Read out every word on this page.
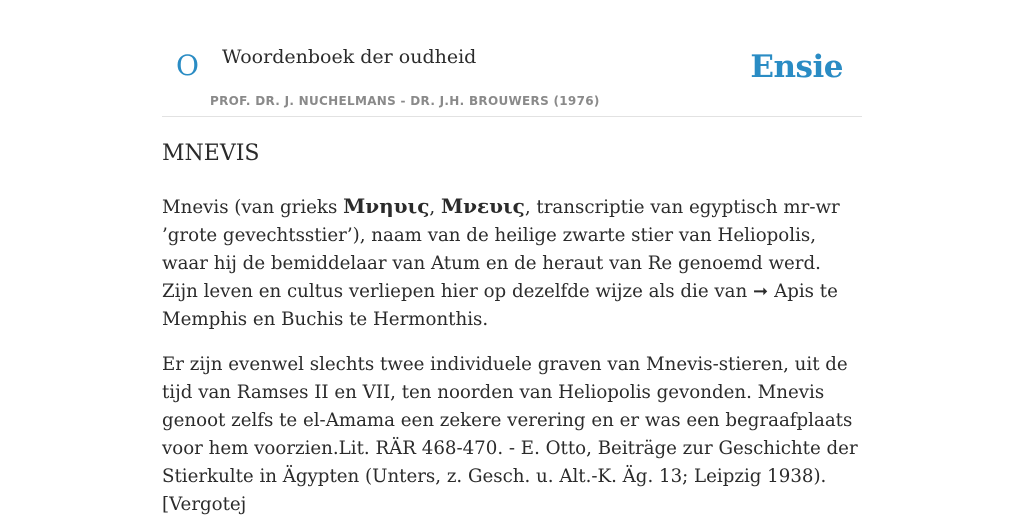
O Woordenboek der oudheid	Ensie
PROF. DR. J. NUCHELMANS - DR. J.H. BROUWERS (1976)
MNEVIS

Mnevis (van grieks Μνηυις, Μνευις, transcriptie van egyptisch mr-wr ’grote gevechtsstier’), naam van de heilige zwarte stier van Heliopolis, waar hij de bemiddelaar van Atum en de heraut van Re genoemd werd. Zijn leven en cultus verliepen hier op dezelfde wijze als die van ➞ Apis te Memphis en Buchis te Hermonthis.

Er zijn evenwel slechts twee individuele graven van Mnevis-stieren, uit de tijd van Ramses II en VII, ten noorden van Heliopolis gevonden. Mnevis genoot zelfs te el-Amama een zekere verering en er was een begraafplaats voor hem voorzien.Lit. RÄR 468-470. - E. Otto, Beiträge zur Geschichte der Stierkulte in Ägypten (Unters, z. Gesch. u. Alt.-K. Äg. 13; Leipzig 1938). [Vergotej
